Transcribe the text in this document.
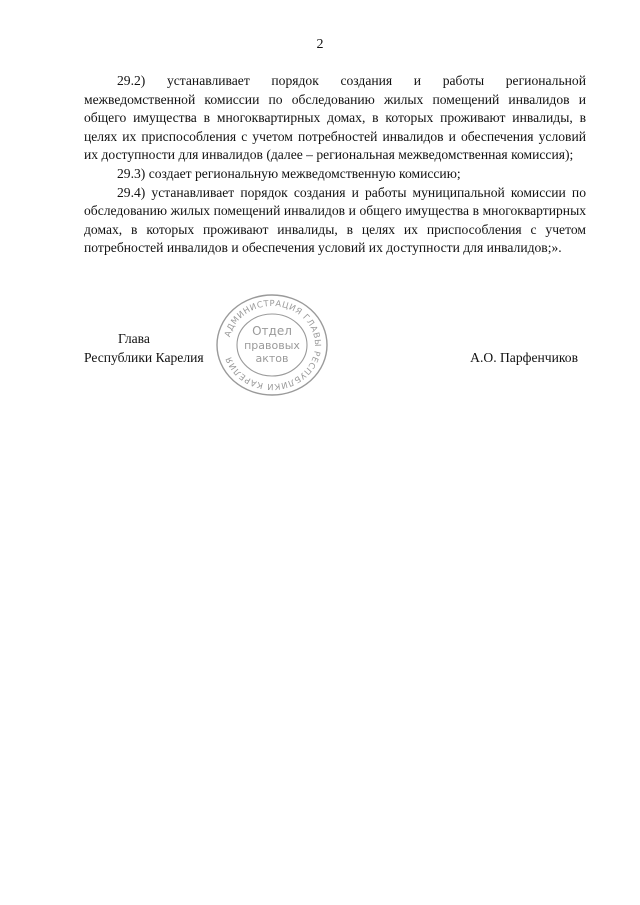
2

29.2) устанавливает порядок создания и работы региональной межведомственной комиссии по обследованию жилых помещений инвалидов и общего имущества в многоквартирных домах, в которых проживают инвалиды, в целях их приспособления с учетом потребностей инвалидов и обеспечения условий их доступности для инвалидов (далее – региональная межведомственная комиссия);

29.3) создает региональную межведомственную комиссию;

29.4) устанавливает порядок создания и работы муниципальной комиссии по обследованию жилых помещений инвалидов и общего имущества в многоквартирных домах, в которых проживают инвалиды, в целях их приспособления с учетом потребностей инвалидов и обеспечения условий их доступности для инвалидов;».

Глава
Республики Карелия	А.О. Парфенчиков
АДМИНИСТРАЦИЯ ГЛАВЫ РЕСПУБЛИКИ КАРЕЛИЯ
Отдел
правовых
актов
